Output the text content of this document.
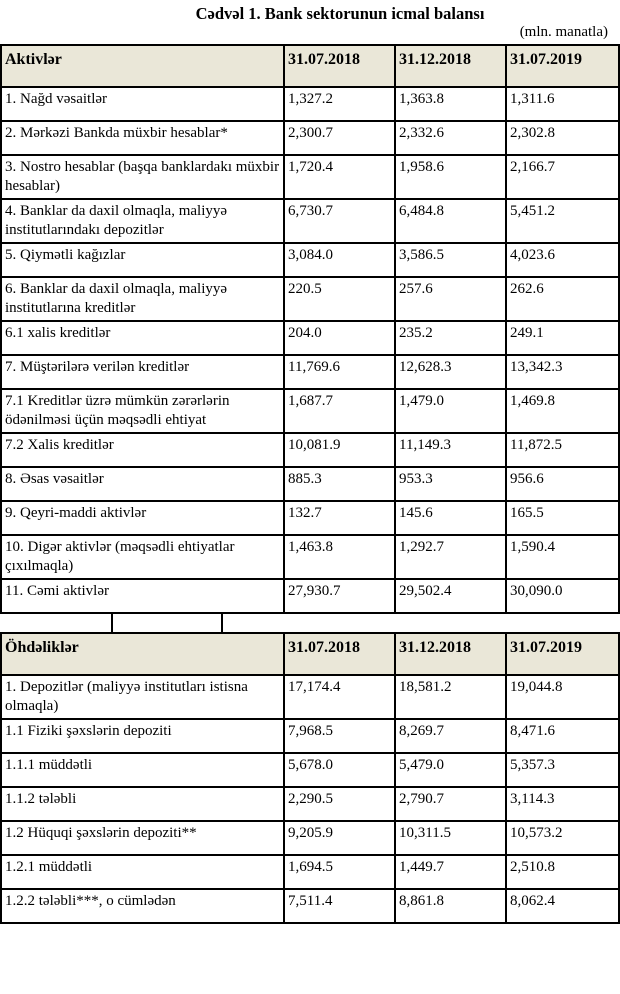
Cədvəl 1. Bank sektorunun icmal balansı
(mln. manatla)
Aktivlər	31.07.2018	31.12.2018	31.07.2019
1. Nağd vəsaitlər	1,327.2	1,363.8	1,311.6
2. Mərkəzi Bankda müxbir hesablar*	2,300.7	2,332.6	2,302.8
3. Nostro hesablar (başqa banklardakı müxbir hesablar)	1,720.4	1,958.6	2,166.7
4. Banklar da daxil olmaqla, maliyyə institutlarındakı depozitlər	6,730.7	6,484.8	5,451.2
5. Qiymətli kağızlar	3,084.0	3,586.5	4,023.6
6. Banklar da daxil olmaqla, maliyyə institutlarına kreditlər	220.5	257.6	262.6
6.1 xalis kreditlər	204.0	235.2	249.1
7. Müştərilərə verilən kreditlər	11,769.6	12,628.3	13,342.3
7.1 Kreditlər üzrə mümkün zərərlərin ödənilməsi üçün məqsədli ehtiyat	1,687.7	1,479.0	1,469.8
7.2 Xalis kreditlər	10,081.9	11,149.3	11,872.5
8. Əsas vəsaitlər	885.3	953.3	956.6
9. Qeyri-maddi aktivlər	132.7	145.6	165.5
10. Digər aktivlər (məqsədli ehtiyatlar çıxılmaqla)	1,463.8	1,292.7	1,590.4
11. Cəmi aktivlər	27,930.7	29,502.4	30,090.0
Öhdəliklər	31.07.2018	31.12.2018	31.07.2019
1. Depozitlər (maliyyə institutları istisna olmaqla)	17,174.4	18,581.2	19,044.8
1.1 Fiziki şəxslərin depoziti	7,968.5	8,269.7	8,471.6
1.1.1 müddətli	5,678.0	5,479.0	5,357.3
1.1.2 tələbli	2,290.5	2,790.7	3,114.3
1.2 Hüquqi şəxslərin depoziti**	9,205.9	10,311.5	10,573.2
1.2.1 müddətli	1,694.5	1,449.7	2,510.8
1.2.2 tələbli***, o cümlədən	7,511.4	8,861.8	8,062.4
